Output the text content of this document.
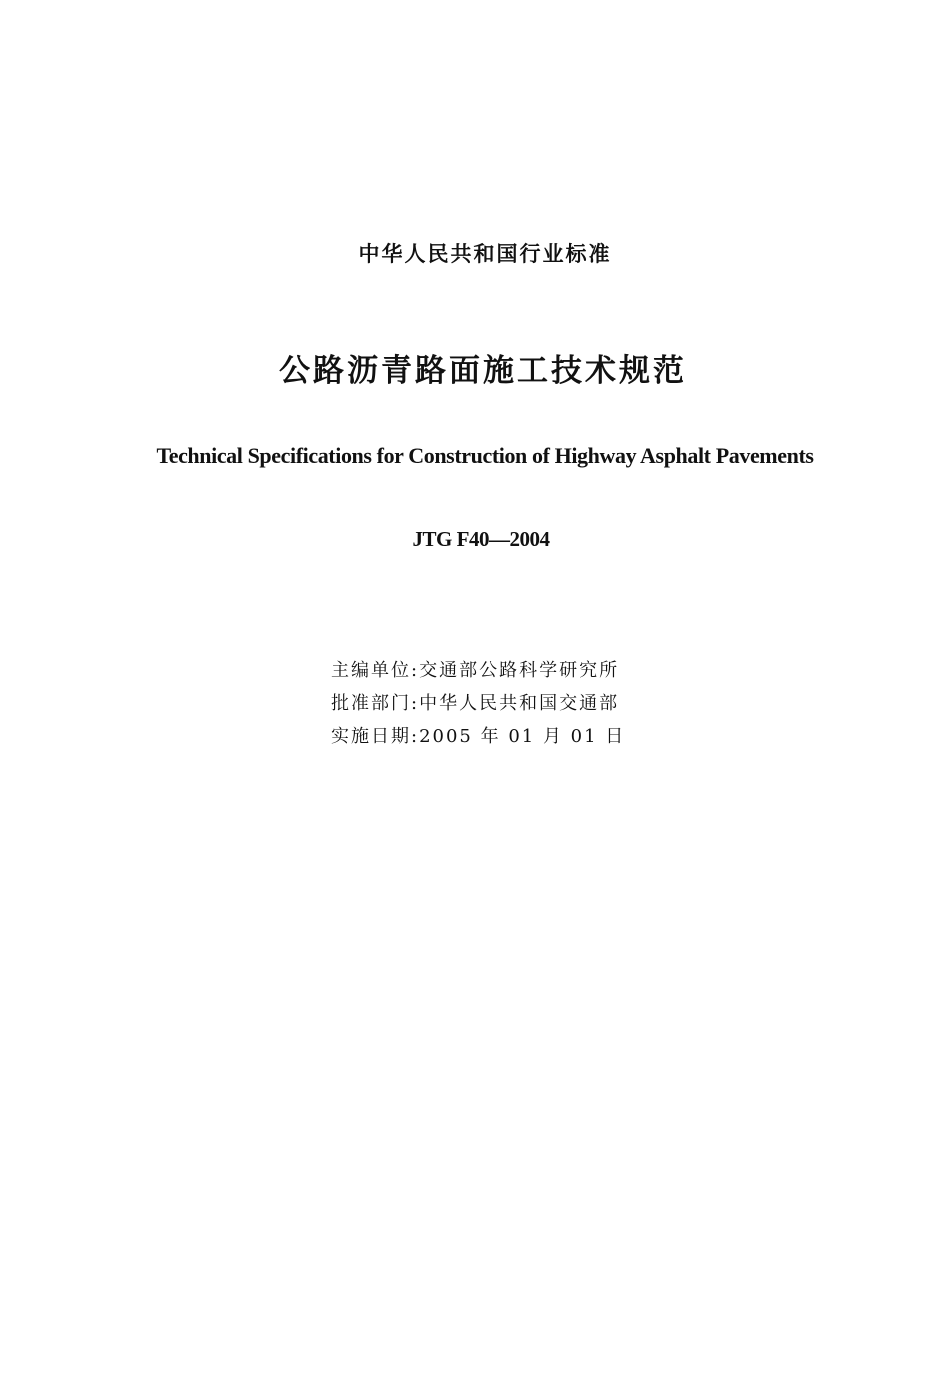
中华人民共和国行业标准
公路沥青路面施工技术规范
Technical Specifications for Construction of Highway Asphalt Pavements
JTG F40—2004
主编单位:交通部公路科学研究所
批准部门:中华人民共和国交通部
实施日期:2005 年 01 月 01 日
